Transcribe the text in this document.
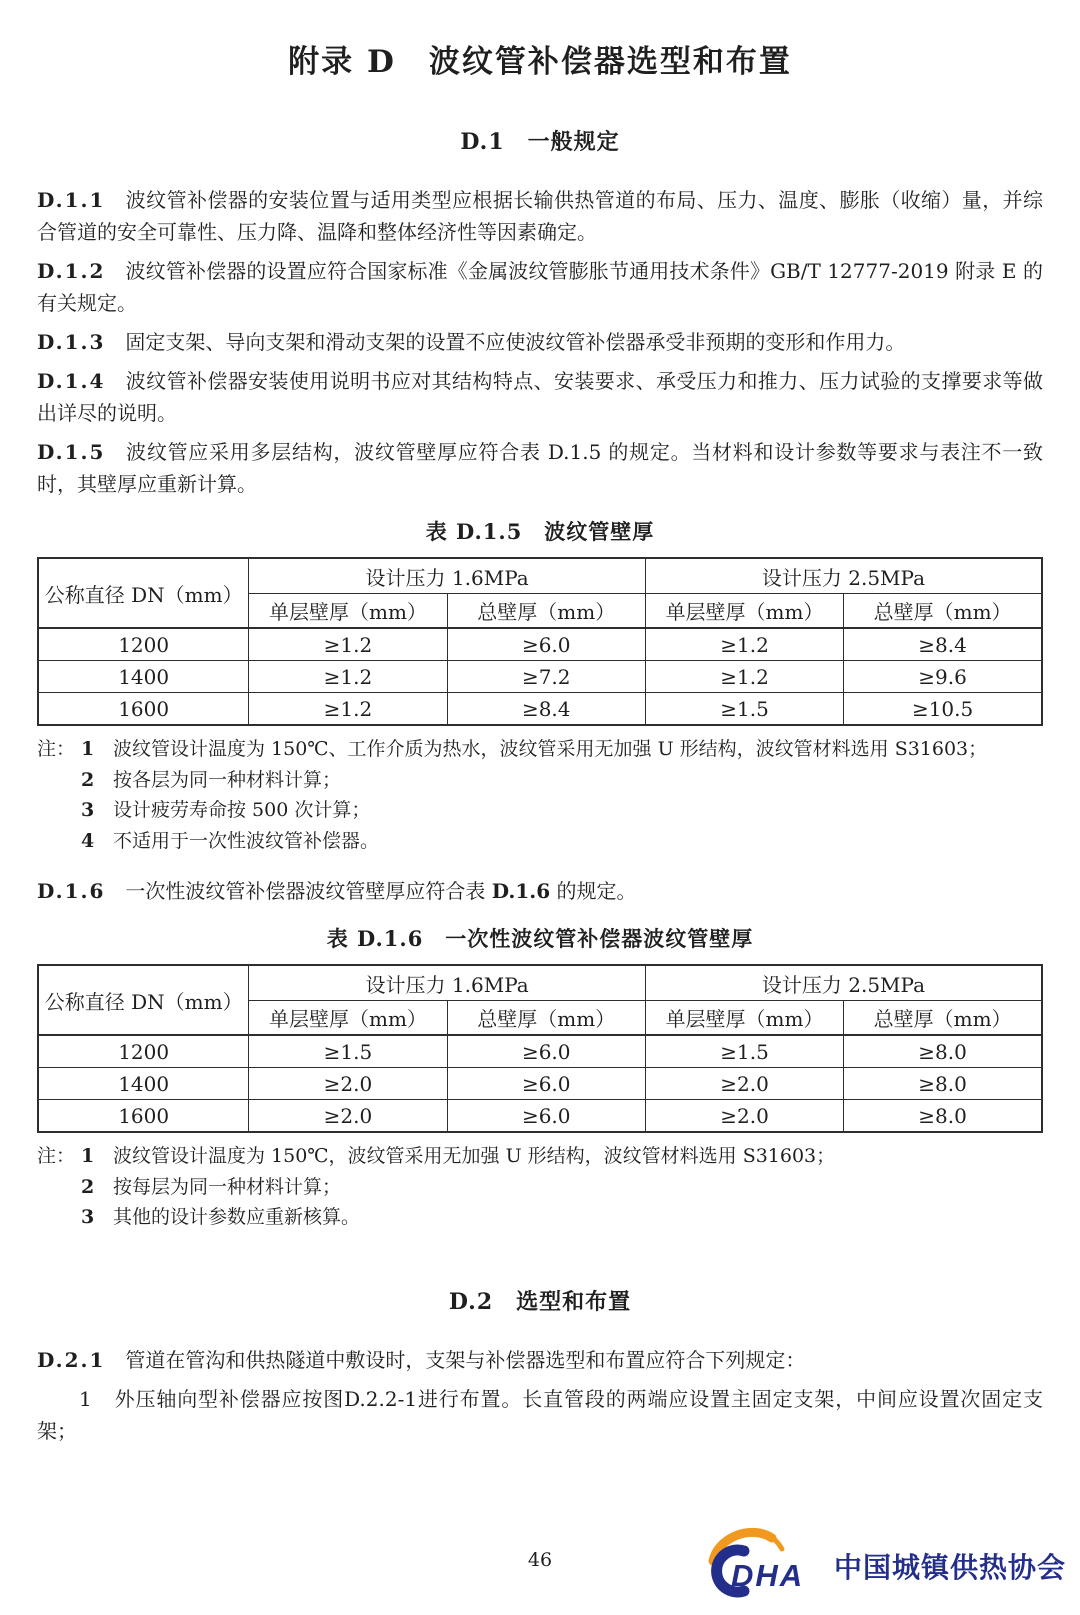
附录 D　波纹管补偿器选型和布置
D.1　一般规定

D.1.1 波纹管补偿器的安装位置与适用类型应根据长输供热管道的布局、压力、温度、膨胀（收缩）量，并综合管道的安全可靠性、压力降、温降和整体经济性等因素确定。

D.1.2 波纹管补偿器的设置应符合国家标准《金属波纹管膨胀节通用技术条件》GB/T 12777-2019 附录 E 的有关规定。

D.1.3 固定支架、导向支架和滑动支架的设置不应使波纹管补偿器承受非预期的变形和作用力。

D.1.4 波纹管补偿器安装使用说明书应对其结构特点、安装要求、承受压力和推力、压力试验的支撑要求等做出详尽的说明。

D.1.5 波纹管应采用多层结构，波纹管壁厚应符合表 D.1.5 的规定。当材料和设计参数等要求与表注不一致时，其壁厚应重新计算。

表 D.1.5　波纹管壁厚

公称直径 DN（mm）	设计压力 1.6MPa		设计压力 2.5MPa	
	单层壁厚（mm）	总壁厚（mm）	单层壁厚（mm）	总壁厚（mm）
1200	≥1.2	≥6.0	≥1.2	≥8.4
1400	≥1.2	≥7.2	≥1.2	≥9.6
1600	≥1.2	≥8.4	≥1.5	≥10.5
注： 1 波纹管设计温度为 150℃、工作介质为热水，波纹管采用无加强 U 形结构，波纹管材料选用 S31603；
2 按各层为同一种材料计算；
3 设计疲劳寿命按 500 次计算；
4 不适用于一次性波纹管补偿器。

D.1.6 一次性波纹管补偿器波纹管壁厚应符合表 D.1.6 的规定。

表 D.1.6　一次性波纹管补偿器波纹管壁厚

公称直径 DN（mm）	设计压力 1.6MPa		设计压力 2.5MPa	
	单层壁厚（mm）	总壁厚（mm）	单层壁厚（mm）	总壁厚（mm）
1200	≥1.5	≥6.0	≥1.5	≥8.0
1400	≥2.0	≥6.0	≥2.0	≥8.0
1600	≥2.0	≥6.0	≥2.0	≥8.0
注： 1 波纹管设计温度为 150℃，波纹管采用无加强 U 形结构，波纹管材料选用 S31603；
2 按每层为同一种材料计算；
3 其他的设计参数应重新核算。
D.2　选型和布置

D.2.1 管道在管沟和供热隧道中敷设时，支架与补偿器选型和布置应符合下列规定：

1 外压轴向型补偿器应按图D.2.2-1进行布置。长直管段的两端应设置主固定支架，中间应设置次固定支架；

46	DHA 中国城镇供热协会
